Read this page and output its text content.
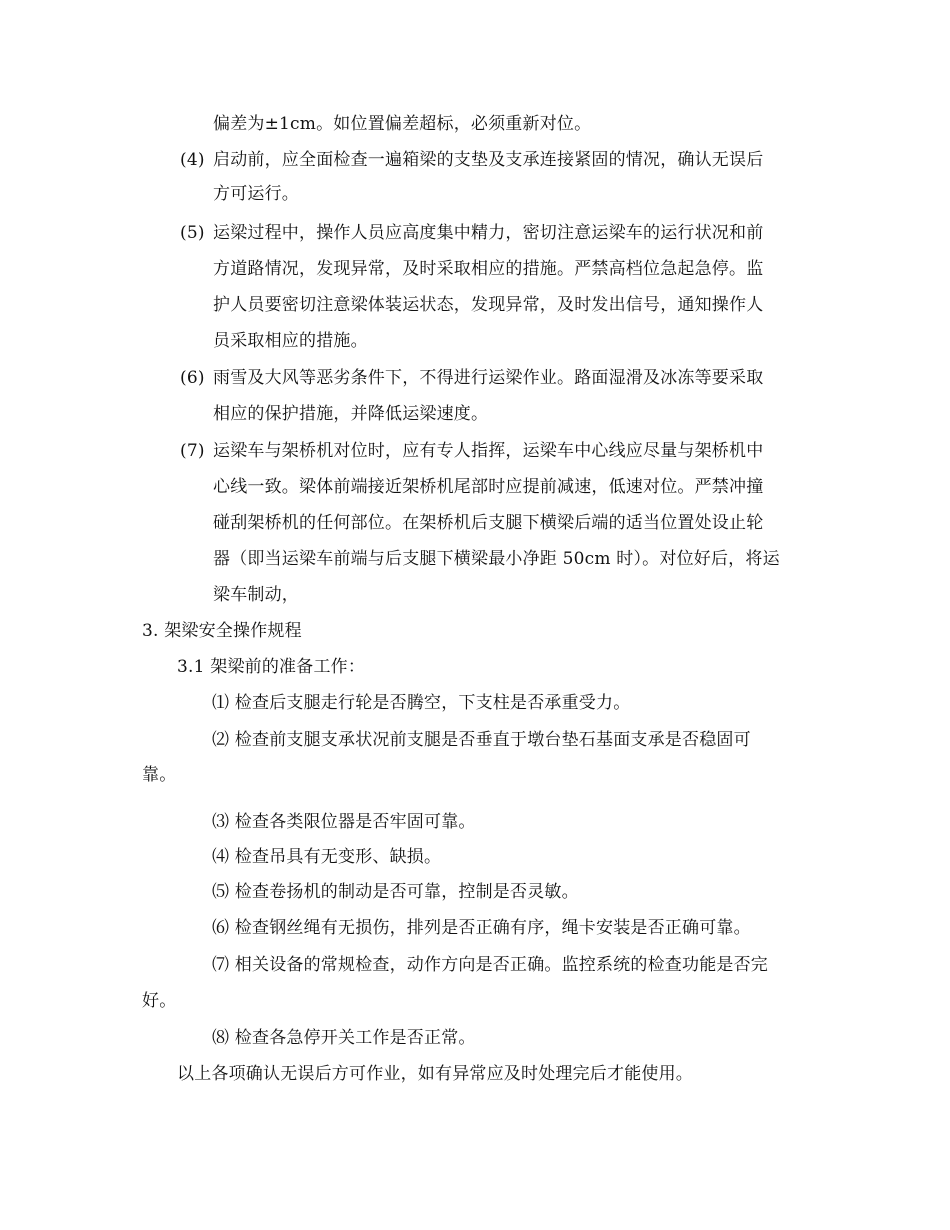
偏差为±1cm。如位置偏差超标，必须重新对位。
(4) 启动前，应全面检查一遍箱梁的支垫及支承连接紧固的情况，确认无误后
方可运行。
(5) 运梁过程中，操作人员应高度集中精力，密切注意运梁车的运行状况和前
方道路情况，发现异常，及时采取相应的措施。严禁高档位急起急停。监
护人员要密切注意梁体装运状态，发现异常，及时发出信号，通知操作人
员采取相应的措施。
(6) 雨雪及大风等恶劣条件下，不得进行运梁作业。路面湿滑及冰冻等要采取
相应的保护措施，并降低运梁速度。
(7) 运梁车与架桥机对位时，应有专人指挥，运梁车中心线应尽量与架桥机中
心线一致。梁体前端接近架桥机尾部时应提前减速，低速对位。严禁冲撞
碰刮架桥机的任何部位。在架桥机后支腿下横梁后端的适当位置处设止轮
器（即当运梁车前端与后支腿下横梁最小净距 50cm 时）。对位好后，将运
梁车制动，
3. 架梁安全操作规程
3.1 架梁前的准备工作：
⑴ 检查后支腿走行轮是否腾空，下支柱是否承重受力。
⑵ 检查前支腿支承状况前支腿是否垂直于墩台垫石基面支承是否稳固可
靠。
⑶ 检查各类限位器是否牢固可靠。
⑷ 检查吊具有无变形、缺损。
⑸ 检查卷扬机的制动是否可靠，控制是否灵敏。
⑹ 检查钢丝绳有无损伤，排列是否正确有序，绳卡安装是否正确可靠。
⑺ 相关设备的常规检查，动作方向是否正确。监控系统的检查功能是否完
好。
⑻ 检查各急停开关工作是否正常。
以上各项确认无误后方可作业，如有异常应及时处理完后才能使用。
